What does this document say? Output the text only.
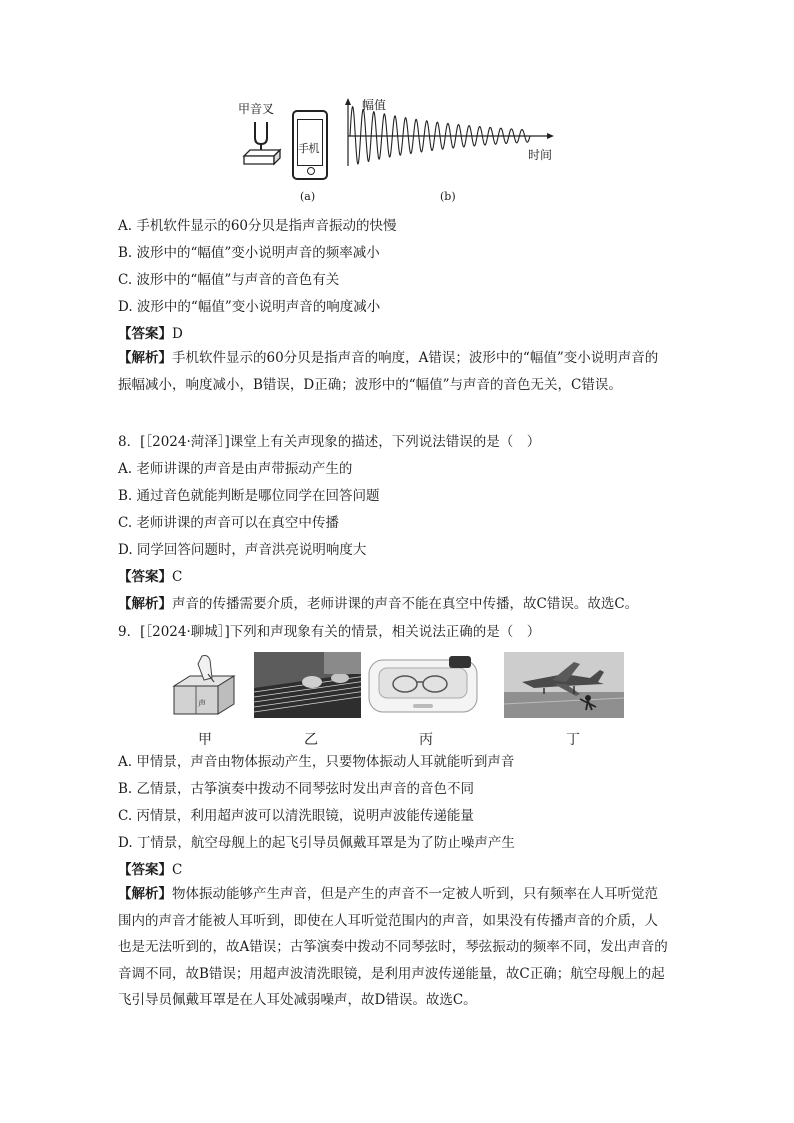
甲音叉
手机
(a)
幅值
时间
(b)
A. 手机软件显示的60分贝是指声音振动的快慢
B. 波形中的“幅值”变小说明声音的频率减小
C. 波形中的“幅值”与声音的音色有关
D. 波形中的“幅值”变小说明声音的响度减小
【答案】D
【解析】手机软件显示的60分贝是指声音的响度，A错误；波形中的“幅值”变小说明声音的振幅减小，响度减小，B错误，D正确；波形中的“幅值”与声音的音色无关，C错误。
8．[［2024·菏泽］]课堂上有关声现象的描述，下列说法错误的是（　）
A. 老师讲课的声音是由声带振动产生的
B. 通过音色就能判断是哪位同学在回答问题
C. 老师讲课的声音可以在真空中传播
D. 同学回答问题时，声音洪亮说明响度大
【答案】C
【解析】声音的传播需要介质，老师讲课的声音不能在真空中传播，故C错误。故选C。
9．[［2024·聊城］]下列和声现象有关的情景，相关说法正确的是（　）
声
甲	乙	丙	丁
A. 甲情景，声音由物体振动产生，只要物体振动人耳就能听到声音
B. 乙情景，古筝演奏中拨动不同琴弦时发出声音的音色不同
C. 丙情景，利用超声波可以清洗眼镜，说明声波能传递能量
D. 丁情景，航空母舰上的起飞引导员佩戴耳罩是为了防止噪声产生
【答案】C
【解析】物体振动能够产生声音，但是产生的声音不一定被人听到，只有频率在人耳听觉范围内的声音才能被人耳听到，即使在人耳听觉范围内的声音，如果没有传播声音的介质，人也是无法听到的，故A错误；古筝演奏中拨动不同琴弦时，琴弦振动的频率不同，发出声音的音调不同，故B错误；用超声波清洗眼镜，是利用声波传递能量，故C正确；航空母舰上的起飞引导员佩戴耳罩是在人耳处减弱噪声，故D错误。故选C。
